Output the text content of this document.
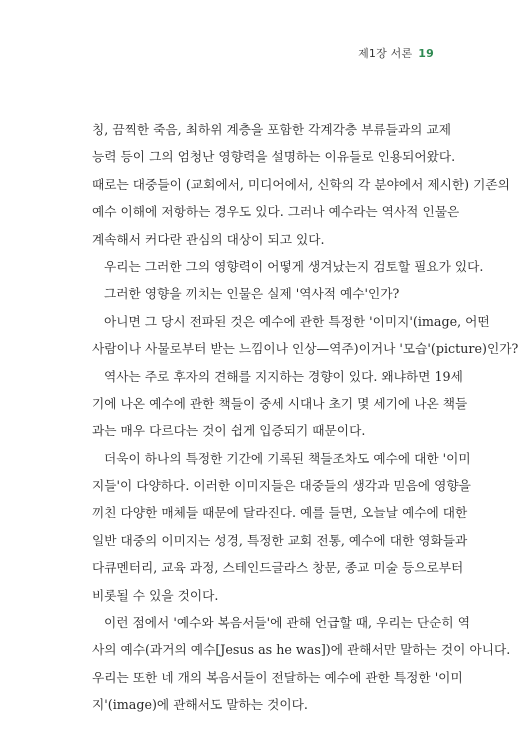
제1장 서론 19
칭, 끔찍한 죽음, 최하위 계층을 포함한 각계각층 부류들과의 교제
능력 등이 그의 엄청난 영향력을 설명하는 이유들로 인용되어왔다.
때로는 대중들이 (교회에서, 미디어에서, 신학의 각 분야에서 제시한) 기존의
예수 이해에 저항하는 경우도 있다. 그러나 예수라는 역사적 인물은
계속해서 커다란 관심의 대상이 되고 있다.
우리는 그러한 그의 영향력이 어떻게 생겨났는지 검토할 필요가 있다.
그러한 영향을 끼치는 인물은 실제 '역사적 예수'인가?
아니면 그 당시 전파된 것은 예수에 관한 특정한 '이미지'(image, 어떤
사람이나 사물로부터 받는 느낌이나 인상—역주)이거나 '모습'(picture)인가?
역사는 주로 후자의 견해를 지지하는 경향이 있다. 왜냐하면 19세
기에 나온 예수에 관한 책들이 중세 시대나 초기 몇 세기에 나온 책들
과는 매우 다르다는 것이 쉽게 입증되기 때문이다.
더욱이 하나의 특정한 기간에 기록된 책들조차도 예수에 대한 '이미
지들'이 다양하다. 이러한 이미지들은 대중들의 생각과 믿음에 영향을
끼친 다양한 매체들 때문에 달라진다. 예를 들면, 오늘날 예수에 대한
일반 대중의 이미지는 성경, 특정한 교회 전통, 예수에 대한 영화들과
다큐멘터리, 교육 과정, 스테인드글라스 창문, 종교 미술 등으로부터
비롯될 수 있을 것이다.
이런 점에서 '예수와 복음서들'에 관해 언급할 때, 우리는 단순히 역
사의 예수(과거의 예수[Jesus as he was])에 관해서만 말하는 것이 아니다.
우리는 또한 네 개의 복음서들이 전달하는 예수에 관한 특정한 '이미
지'(image)에 관해서도 말하는 것이다.
